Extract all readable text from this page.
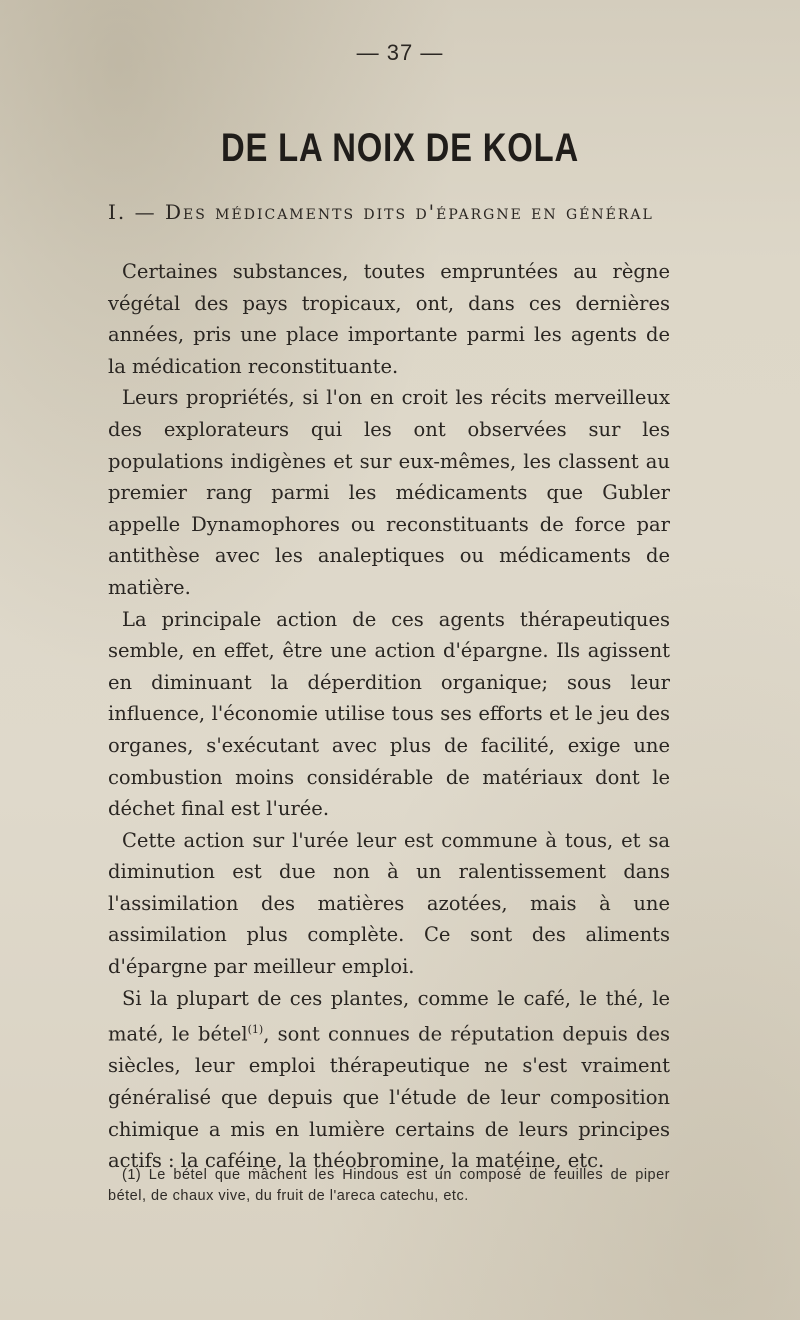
— 37 —
DE LA NOIX DE KOLA
I. — Des médicaments dits d'épargne en général

Certaines substances, toutes empruntées au règne végétal des pays tropicaux, ont, dans ces dernières années, pris une place importante parmi les agents de la médication reconstituante.

Leurs propriétés, si l'on en croit les récits merveilleux des explorateurs qui les ont observées sur les populations indigènes et sur eux-mêmes, les classent au premier rang parmi les médicaments que Gubler appelle Dynamophores ou reconstituants de force par antithèse avec les analeptiques ou médicaments de matière.

La principale action de ces agents thérapeutiques semble, en effet, être une action d'épargne. Ils agissent en diminuant la déperdition organique; sous leur influence, l'économie utilise tous ses efforts et le jeu des organes, s'exécutant avec plus de facilité, exige une combustion moins considérable de matériaux dont le déchet final est l'urée.

Cette action sur l'urée leur est commune à tous, et sa diminution est due non à un ralentissement dans l'assimilation des matières azotées, mais à une assimilation plus complète. Ce sont des aliments d'épargne par meilleur emploi.

Si la plupart de ces plantes, comme le café, le thé, le maté, le bétel$^{(1)}$, sont connues de réputation depuis des siècles, leur emploi thérapeutique ne s'est vraiment généralisé que depuis que l'étude de leur composition chimique a mis en lumière certains de leurs principes actifs : la caféine, la théobromine, la matéine, etc.

(1) Le bétel que mâchent les Hindous est un composé de feuilles de piper bétel, de chaux vive, du fruit de l'areca catechu, etc.
